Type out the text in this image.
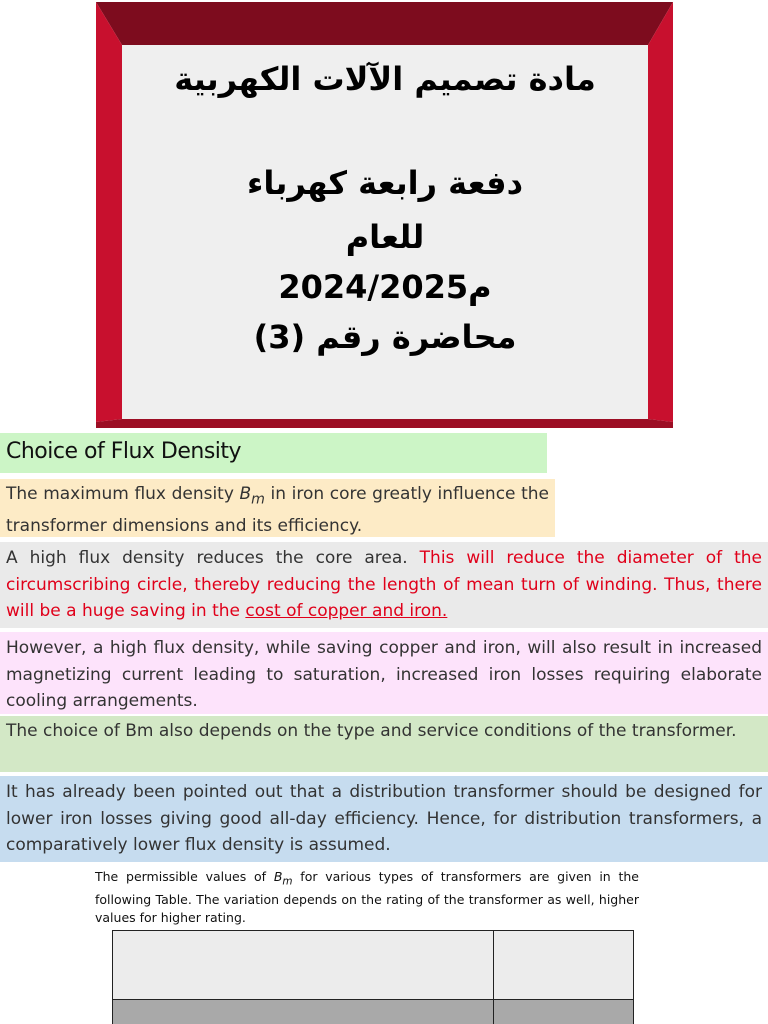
مادة تصميم الآلات الكهربية
دفعة رابعة كهرباء
للعام
2024/2025م
محاضرة رقم (3)
Choice of Flux Density
The maximum flux density $B_m$ in iron core greatly influence the transformer dimensions and its efficiency.
A high flux density reduces the core area. This will reduce the diameter of the circumscribing circle, thereby reducing the length of mean turn of winding. Thus, there will be a huge saving in the cost of copper and iron.
However, a high flux density, while saving copper and iron, will also result in increased magnetizing current leading to saturation, increased iron losses requiring elaborate cooling arrangements.
The choice of Bm also depends on the type and service conditions of the transformer.
It has already been pointed out that a distribution transformer should be designed for lower iron losses giving good all-day efficiency. Hence, for distribution transformers, a comparatively lower flux density is assumed.
The permissible values of $B_m$ for various types of transformers are given in the following Table. The variation depends on the rating of the transformer as well, higher values for higher rating.
